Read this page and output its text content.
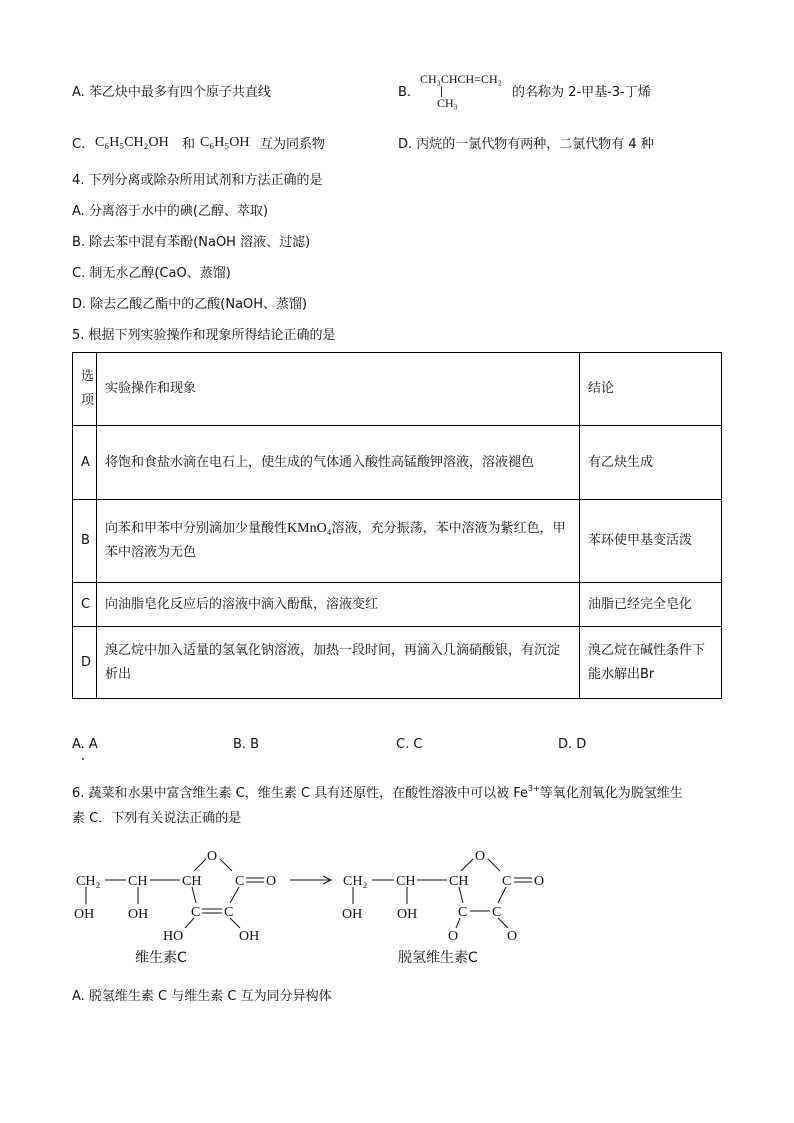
A. 苯乙炔中最多有四个原子共直线	B.
CH₃CHCH=CH₂
CH₃
的名称为 2-甲基-3-丁烯
C. C₆H₅CH₂OH 和 C₆H₅OH 互为同系物	D. 丙烷的一氯代物有两种，二氯代物有 4 种
4. 下列分离或除杂所用试剂和方法正确的是
A. 分离溶于水中的碘(乙醇、萃取)
B. 除去苯中混有苯酚(NaOH 溶液、过滤)
C. 制无水乙醇(CaO、蒸馏)
D. 除去乙酸乙酯中的乙酸(NaOH、蒸馏)
5. 根据下列实验操作和现象所得结论正确的是
选项	实验操作和现象	结论
A	将饱和食盐水滴在电石上，使生成的气体通入酸性高锰酸钾溶液，溶液褪色	有乙炔生成
B	向苯和甲苯中分别滴加少量酸性KMnO₄溶液，充分振荡，苯中溶液为紫红色，甲苯中溶液为无色	苯环使甲基变活泼
C	向油脂皂化反应后的溶液中滴入酚酞，溶液变红	油脂已经完全皂化
D	溴乙烷中加入适量的氢氧化钠溶液，加热一段时间，再滴入几滴硝酸银，有沉淀析出	溴乙烷在碱性条件下能水解出Br
A. A	B. B	C. C	D. D
6. 蔬菜和水果中富含维生素 C，维生素 C 具有还原性，在酸性溶液中可以被 $Fe^{3+}$等氧化剂氧化为脱氢维生
素 C．下列有关说法正确的是
CH₂ CH CH
O
C O
OH OH	C C
HO	OH
维生素C
CH₂ CH CH
O
C O
OH OH	C C
O	O
脱氢维生素C
A. 脱氢维生素 C 与维生素 C 互为同分异构体
